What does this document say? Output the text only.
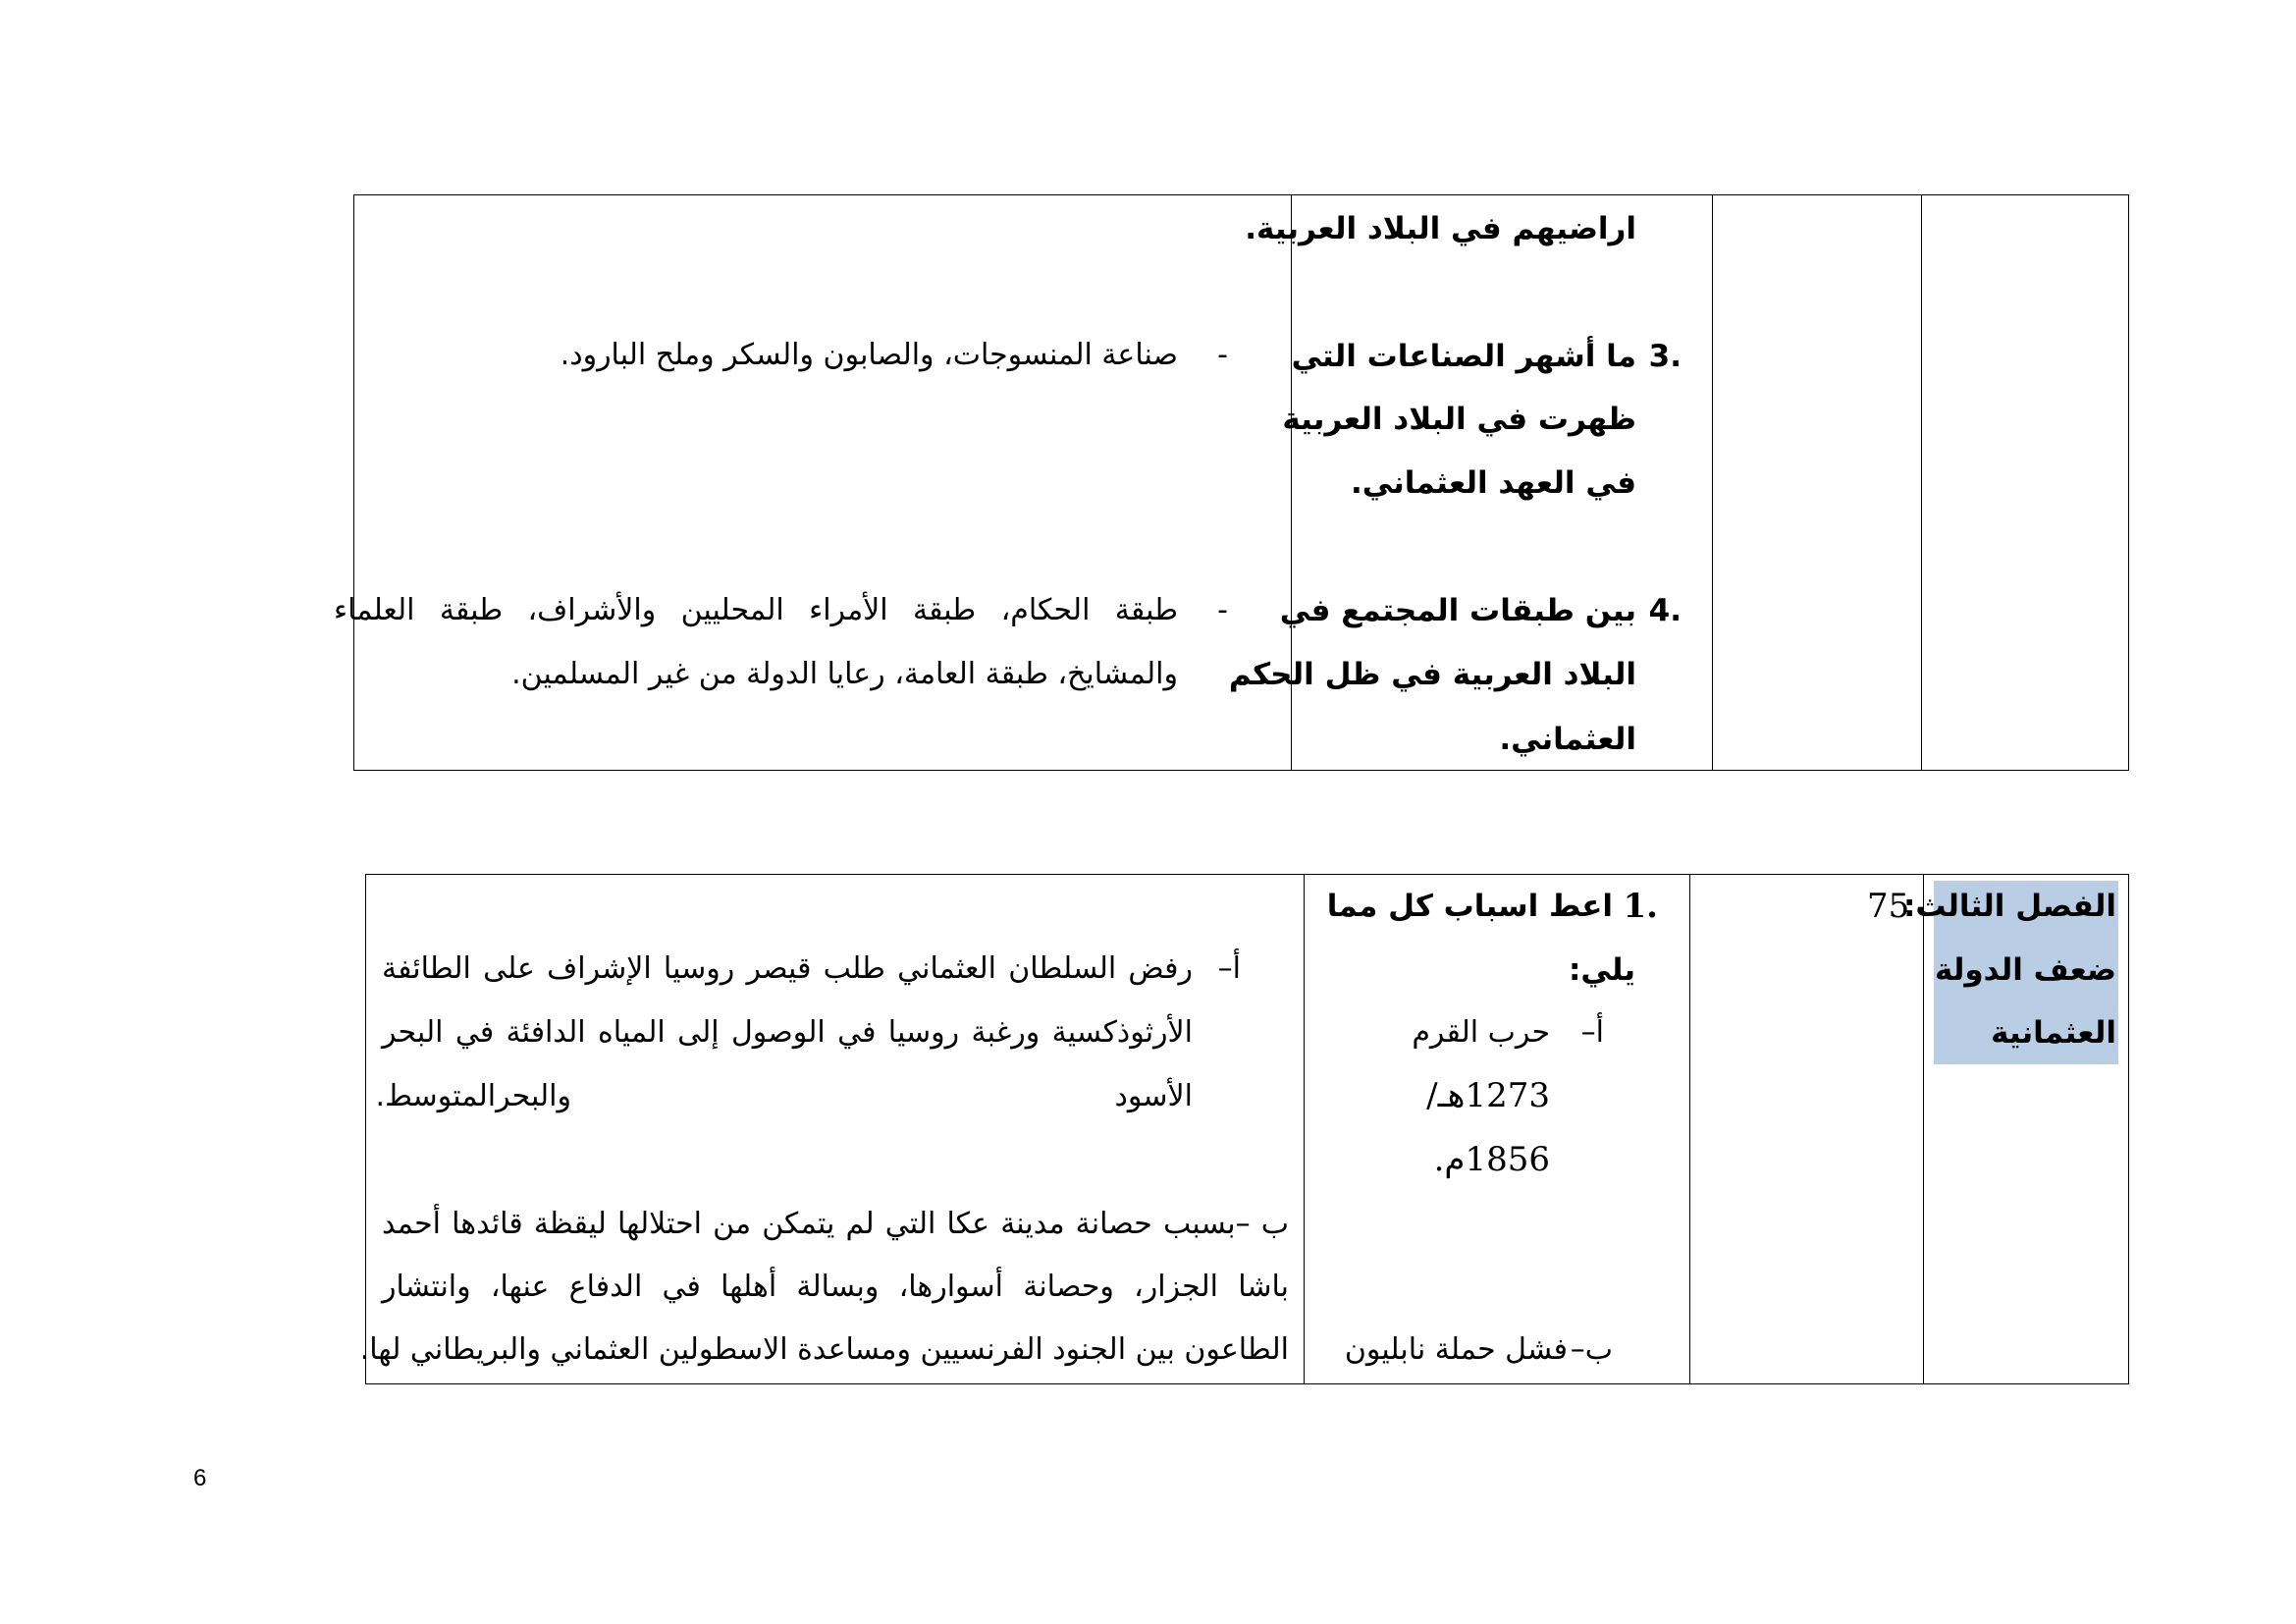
اراضيهم في البلاد العربية.
3.
ما أشهر الصناعات التي
ظهرت في البلاد العربية
في العهد العثماني.
4.
بين طبقات المجتمع في
البلاد العربية في ظل الحكم
العثماني.
-
صناعة المنسوجات، والصابون والسكر وملح البارود.
-
طبقة الحكام، طبقة الأمراء المحليين والأشراف، طبقة العلماء
والمشايخ، طبقة العامة، رعايا الدولة من غير المسلمين.
الفصل الثالث:
ضعف الدولة
العثمانية
75
1.
اعط اسباب كل مما
يلي:
أ–
حرب القرم
1273هـ/
1856م.
ب–
فشل حملة نابليون
أ–
رفض السلطان العثماني طلب قيصر روسيا الإشراف على الطائفة
الأرثوذكسية ورغبة روسيا في الوصول إلى المياه الدافئة في البحر
الأسود
والبحرالمتوسط.
ب –بسبب حصانة مدينة عكا التي لم يتمكن من احتلالها ليقظة قائدها أحمد
باشا الجزار، وحصانة أسوارها، وبسالة أهلها في الدفاع عنها، وانتشار
الطاعون بين الجنود الفرنسيين ومساعدة الاسطولين العثماني والبريطاني لها.
6
